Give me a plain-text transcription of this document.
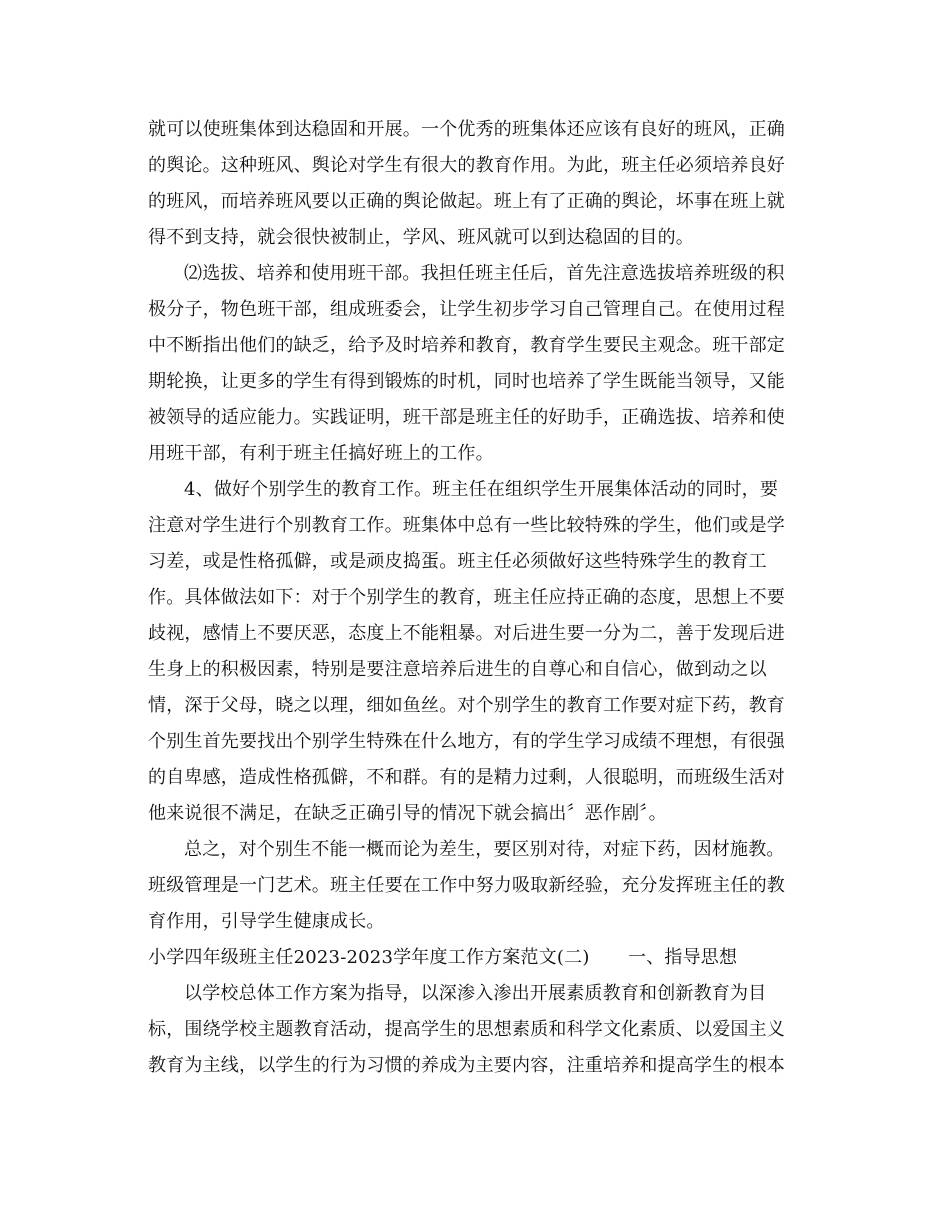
就可以使班集体到达稳固和开展。一个优秀的班集体还应该有良好的班风，正确
的舆论。这种班风、舆论对学生有很大的教育作用。为此，班主任必须培养良好
的班风，而培养班风要以正确的舆论做起。班上有了正确的舆论，坏事在班上就
得不到支持，就会很快被制止，学风、班风就可以到达稳固的目的。
⑵选拔、培养和使用班干部。我担任班主任后，首先注意选拔培养班级的积
极分子，物色班干部，组成班委会，让学生初步学习自己管理自己。在使用过程
中不断指出他们的缺乏，给予及时培养和教育，教育学生要民主观念。班干部定
期轮换，让更多的学生有得到锻炼的时机，同时也培养了学生既能当领导，又能
被领导的适应能力。实践证明，班干部是班主任的好助手，正确选拔、培养和使
用班干部，有利于班主任搞好班上的工作。
4、做好个别学生的教育工作。班主任在组织学生开展集体活动的同时，要
注意对学生进行个别教育工作。班集体中总有一些比较特殊的学生，他们或是学
习差，或是性格孤僻，或是顽皮捣蛋。班主任必须做好这些特殊学生的教育工
作。具体做法如下：对于个别学生的教育，班主任应持正确的态度，思想上不要
歧视，感情上不要厌恶，态度上不能粗暴。对后进生要一分为二，善于发现后进
生身上的积极因素，特别是要注意培养后进生的自尊心和自信心，做到动之以
情，深于父母，晓之以理，细如鱼丝。对个别学生的教育工作要对症下药，教育
个别生首先要找出个别学生特殊在什么地方，有的学生学习成绩不理想，有很强
的自卑感，造成性格孤僻，不和群。有的是精力过剩，人很聪明，而班级生活对
他来说很不满足，在缺乏正确引导的情况下就会搞出〞恶作剧〞。
总之，对个别生不能一概而论为差生，要区别对待，对症下药，因材施教。
班级管理是一门艺术。班主任要在工作中努力吸取新经验，充分发挥班主任的教
育作用，引导学生健康成长。
小学四年级班主任2023-2023学年度工作方案范文(二) 一、指导思想
以学校总体工作方案为指导，以深渗入渗出开展素质教育和创新教育为目
标，围绕学校主题教育活动，提高学生的思想素质和科学文化素质、以爱国主义
教育为主线，以学生的行为习惯的养成为主要内容，注重培养和提高学生的根本
